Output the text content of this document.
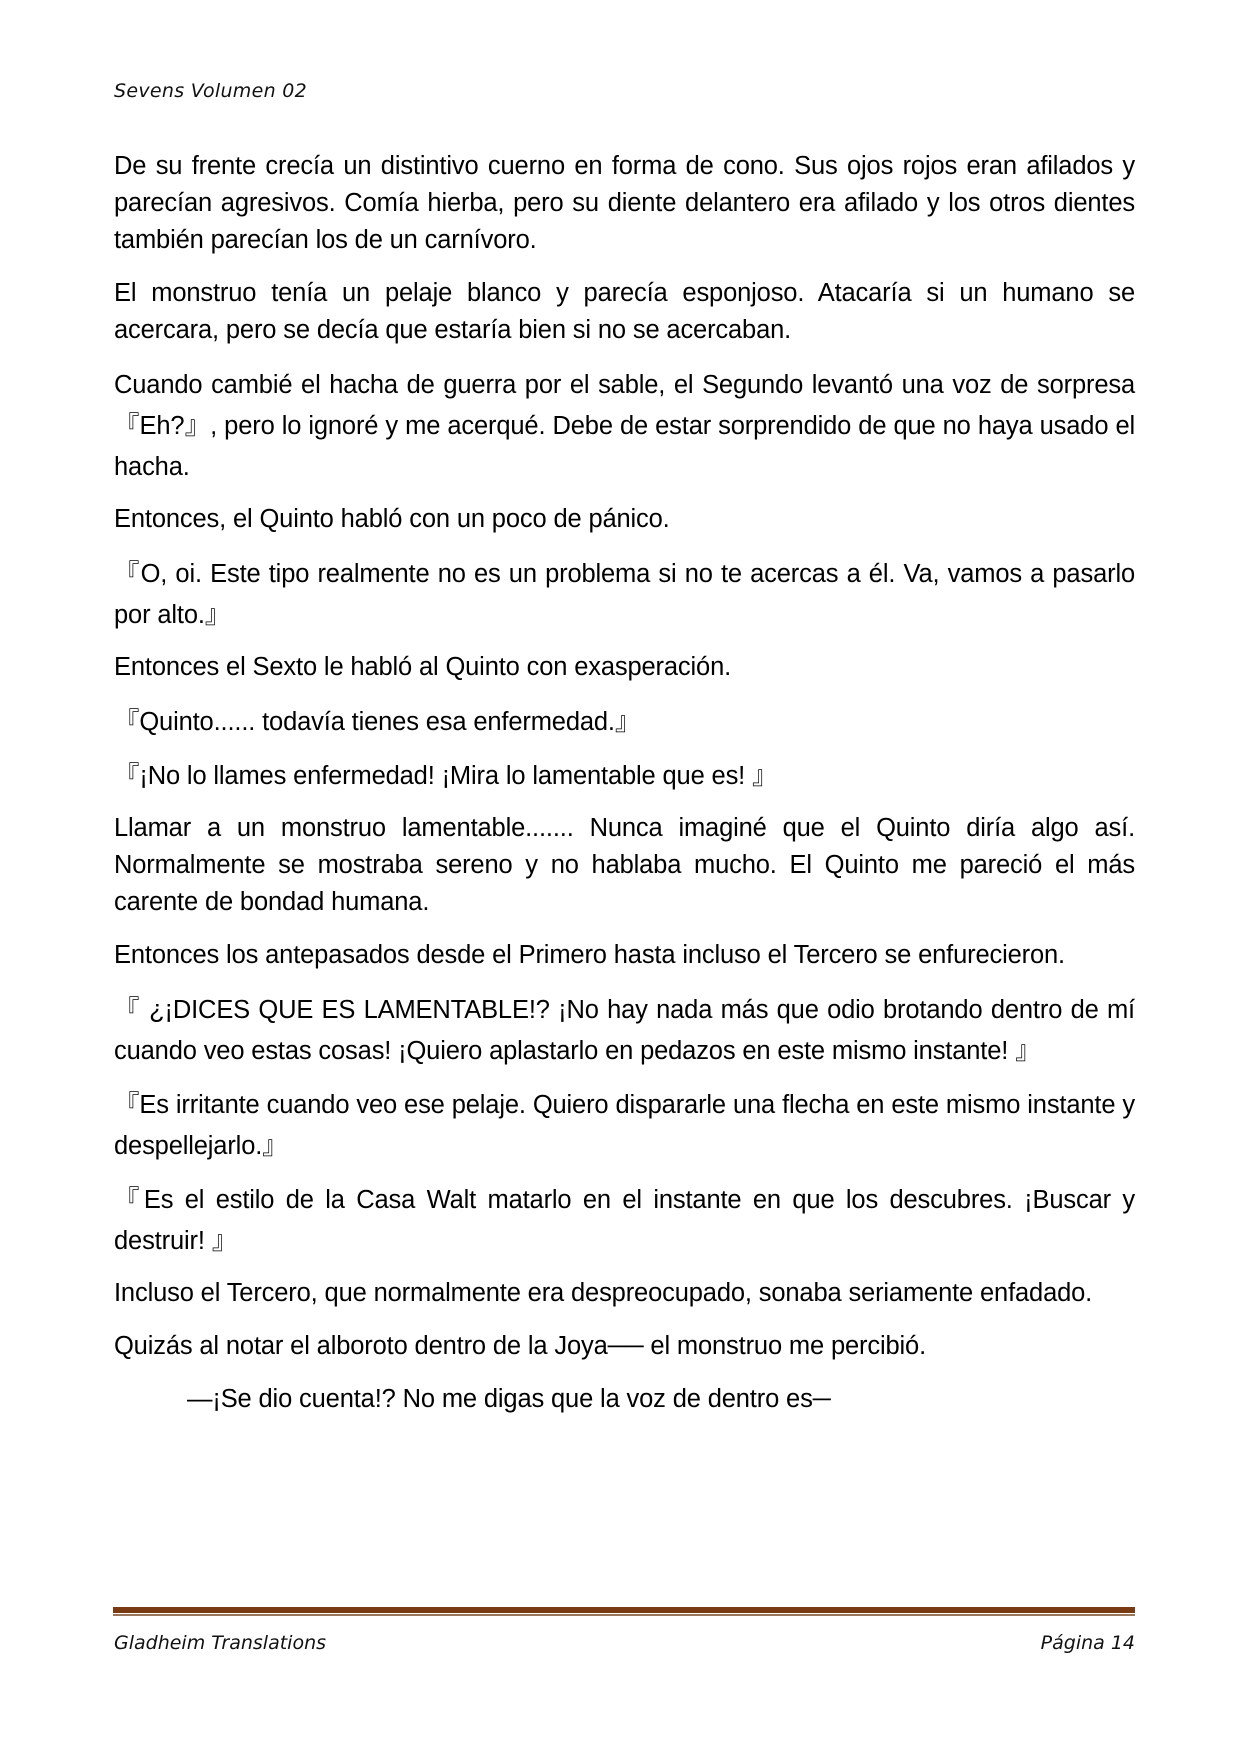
Sevens Volumen 02

De su frente crecía un distintivo cuerno en forma de cono. Sus ojos rojos eran afilados y parecían agresivos. Comía hierba, pero su diente delantero era afilado y los otros dientes también parecían los de un carnívoro.

El monstruo tenía un pelaje blanco y parecía esponjoso. Atacaría si un humano se acercara, pero se decía que estaría bien si no se acercaban.

Cuando cambié el hacha de guerra por el sable, el Segundo levantó una voz de sorpresa 『Eh?』, pero lo ignoré y me acerqué. Debe de estar sorprendido de que no haya usado el hacha.

Entonces, el Quinto habló con un poco de pánico.

『O, oi. Este tipo realmente no es un problema si no te acercas a él. Va, vamos a pasarlo por alto.』

Entonces el Sexto le habló al Quinto con exasperación.

『Quinto...... todavía tienes esa enfermedad.』

『¡No lo llames enfermedad! ¡Mira lo lamentable que es! 』

Llamar a un monstruo lamentable....... Nunca imaginé que el Quinto diría algo así. Normalmente se mostraba sereno y no hablaba mucho. El Quinto me pareció el más carente de bondad humana.

Entonces los antepasados desde el Primero hasta incluso el Tercero se enfurecieron.

『 ¿¡DICES QUE ES LAMENTABLE!? ¡No hay nada más que odio brotando dentro de mí cuando veo estas cosas! ¡Quiero aplastarlo en pedazos en este mismo instante! 』

『Es irritante cuando veo ese pelaje. Quiero dispararle una flecha en este mismo instante y despellejarlo.』

『Es el estilo de la Casa Walt matarlo en el instante en que los descubres. ¡Buscar y destruir! 』

Incluso el Tercero, que normalmente era despreocupado, sonaba seriamente enfadado.

Quizás al notar el alboroto dentro de la Joya── el monstruo me percibió.

―¡Se dio cuenta!? No me digas que la voz de dentro es─

Gladheim Translations	Página 14
